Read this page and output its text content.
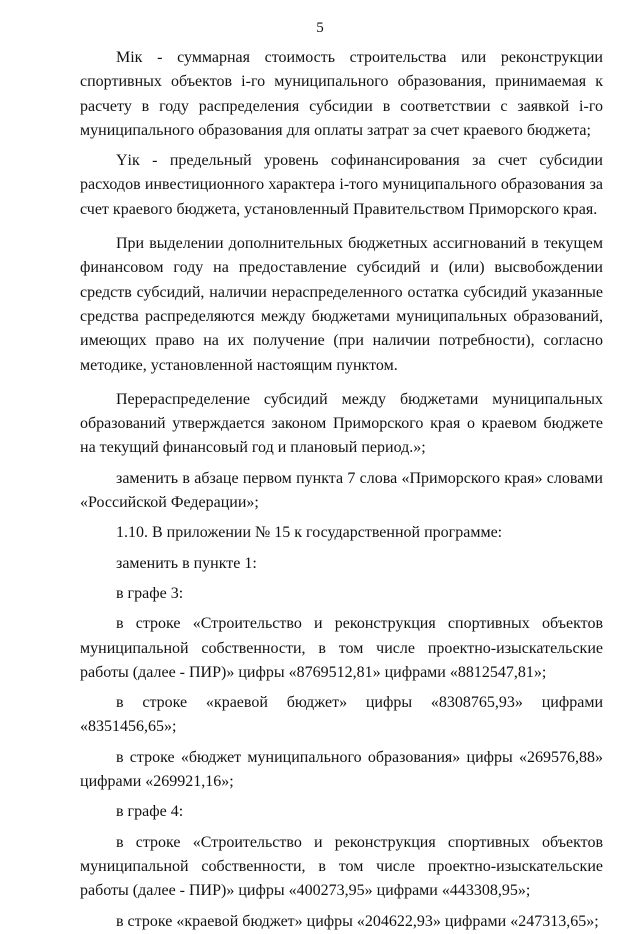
5

Мік - суммарная стоимость строительства или реконструкции спортивных объектов і-го муниципального образования, принимаемая к расчету в году распределения субсидии в соответствии с заявкой і-го муниципального образования для оплаты затрат за счет краевого бюджета;

Yік - предельный уровень софинансирования за счет субсидии расходов инвестиционного характера і-того муниципального образования за счет краевого бюджета, установленный Правительством Приморского края.

При выделении дополнительных бюджетных ассигнований в текущем финансовом году на предоставление субсидий и (или) высвобождении средств субсидий, наличии нераспределенного остатка субсидий указанные средства распределяются между бюджетами муниципальных образований, имеющих право на их получение (при наличии потребности), согласно методике, установленной настоящим пунктом.

Перераспределение субсидий между бюджетами муниципальных образований утверждается законом Приморского края о краевом бюджете на текущий финансовый год и плановый период.»;

заменить в абзаце первом пункта 7 слова «Приморского края» словами «Российской Федерации»;

1.10. В приложении № 15 к государственной программе:

заменить в пункте 1:

в графе 3:

в строке «Строительство и реконструкция спортивных объектов муниципальной собственности, в том числе проектно-изыскательские работы (далее - ПИР)» цифры «8769512,81» цифрами «8812547,81»;

в строке «краевой бюджет» цифры «8308765,93» цифрами «8351456,65»;

в строке «бюджет муниципального образования» цифры «269576,88» цифрами «269921,16»;

в графе 4:

в строке «Строительство и реконструкция спортивных объектов муниципальной собственности, в том числе проектно-изыскательские работы (далее - ПИР)» цифры «400273,95» цифрами «443308,95»;

в строке «краевой бюджет» цифры «204622,93» цифрами «247313,65»;
